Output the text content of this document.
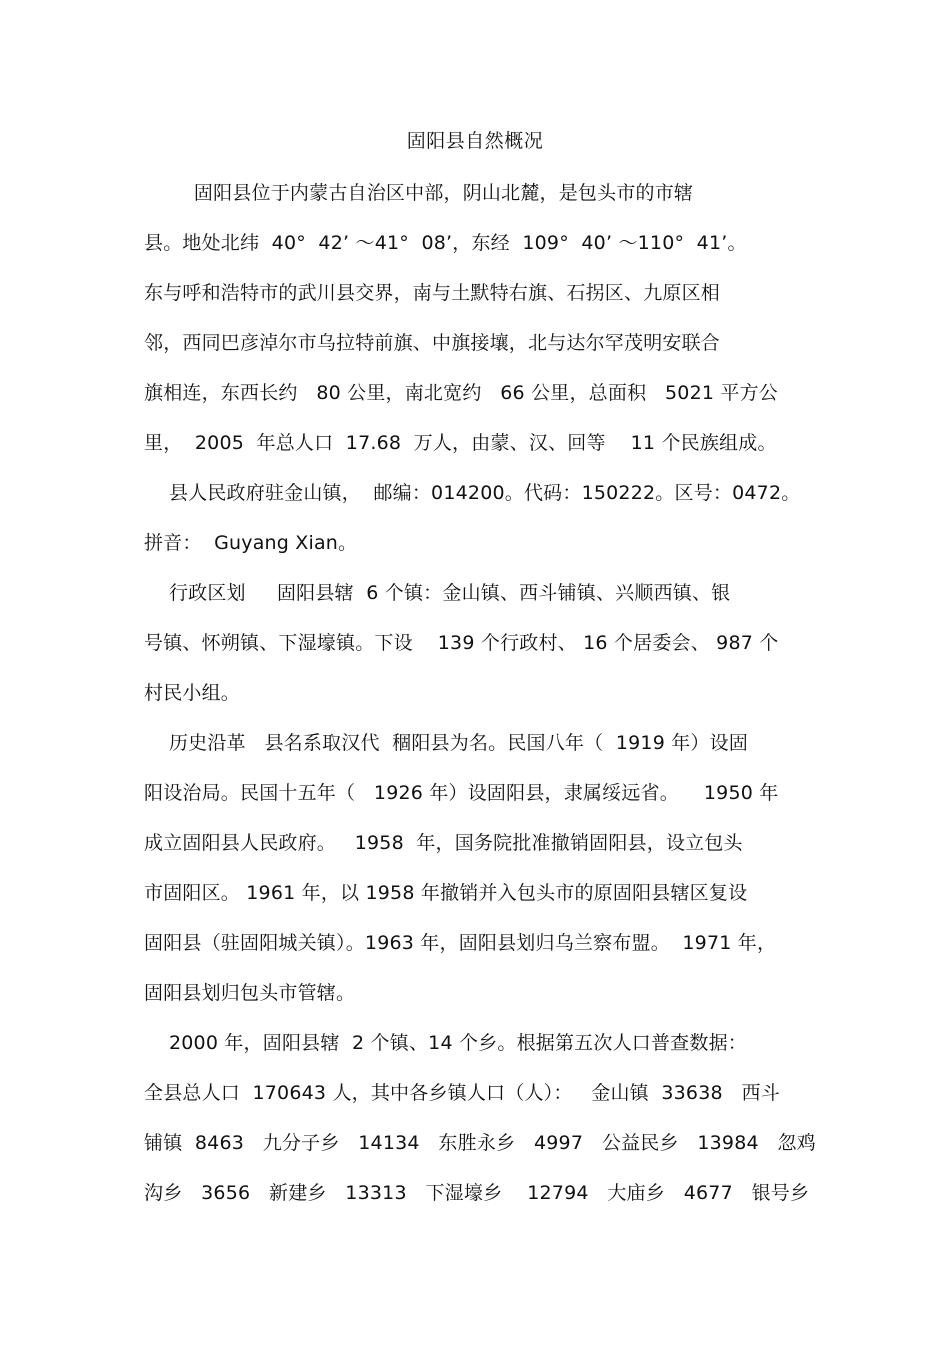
固阳县自然概况
固阳县位于内蒙古自治区中部，阴山北麓，是包头市的市辖
县。地处北纬  40°  42’ ～41°  08’，东经  109°  40’ ～110°  41’。
东与呼和浩特市的武川县交界，南与土默特右旗、石拐区、九原区相
邻，西同巴彦淖尔市乌拉特前旗、中旗接壤，北与达尔罕茂明安联合
旗相连，东西长约   80 公里，南北宽约   66 公里，总面积   5021 平方公
里，  2005  年总人口  17.68  万人，由蒙、汉、回等    11 个民族组成。
县人民政府驻金山镇，  邮编：014200。代码：150222。区号：0472。
拼音：  Guyang Xian。
行政区划     固阳县辖  6 个镇：金山镇、西斗铺镇、兴顺西镇、银
号镇、怀朔镇、下湿壕镇。下设    139 个行政村、 16 个居委会、 987 个
村民小组。
历史沿革   县名系取汉代  稒阳县为名。民国八年（  1919 年）设固
阳设治局。民国十五年（   1926 年）设固阳县，隶属绥远省。    1950 年
成立固阳县人民政府。   1958  年，国务院批准撤销固阳县，设立包头
市固阳区。 1961 年，以 1958 年撤销并入包头市的原固阳县辖区复设
固阳县（驻固阳城关镇）。1963 年，固阳县划归乌兰察布盟。  1971 年，
固阳县划归包头市管辖。
2000 年，固阳县辖  2 个镇、14 个乡。根据第五次人口普查数据：
全县总人口  170643 人，其中各乡镇人口（人）：   金山镇  33638   西斗
铺镇  8463   九分子乡   14134   东胜永乡   4997   公益民乡   13984   忽鸡
沟乡   3656   新建乡   13313   下湿壕乡    12794   大庙乡   4677   银号乡
